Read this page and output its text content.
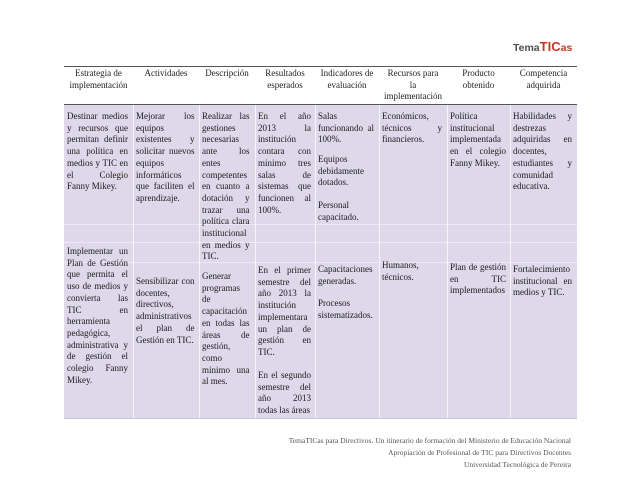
TemaTICas
Estrategia de implementación
Actividades	Descripción	Resultados esperados
Indicadores de evaluación
Recursos para la implementación
Producto obtenido
Competencia adquirida
Destinar medios y recursos que permitan definir una política en medios y TIC en el Colegio Fanny Mikey.
Implementar un Plan de Gestión que permita el uso de medios y convierta las TIC en herramienta pedagógica, administrativa y de gestión el colegio Fanny Mikey.
Mejorar los equipos existentes y solicitar nuevos equipos informáticos que faciliten el aprendizaje.
Sensibilizar con docentes, directivos, administrativos el plan de Gestión en TIC.
Realizar las gestiones necesarias ante los entes competentes en cuanto a dotación y trazar una política clara institucional en medios y TIC.
Generar programas de capacitación en todas las áreas de gestión, como mínimo una al mes.
En el año 2013 la institución contara con mínimo tres salas de sistemas que funcionen al 100%.
En el primer semestre del año 2013 la institución implementara un plan de gestión en TIC.
En el segundo semestre del año 2013 todas las áreas
Salas funcionando al 100%.
Equipos debidamente dotados.
Personal capacitado.
Capacitaciones generadas.
Procesos sistematizados.
Económicos, técnicos y financieros.
Humanos, técnicos.
Política institucional implementada en el colegio Fanny Mikey.
Plan de gestión en TIC implementados
Habilidades y destrezas adquiridas en docentes, estudiantes y comunidad educativa.
Fortalecimiento institucional en medios y TIC.
TemaTICas para Directivos. Un itinerario de formación del Ministerio de Educación Nacional
Apropiación de Profesional de TIC para Directivos Docentes
Universidad Tecnológica de Pereira
